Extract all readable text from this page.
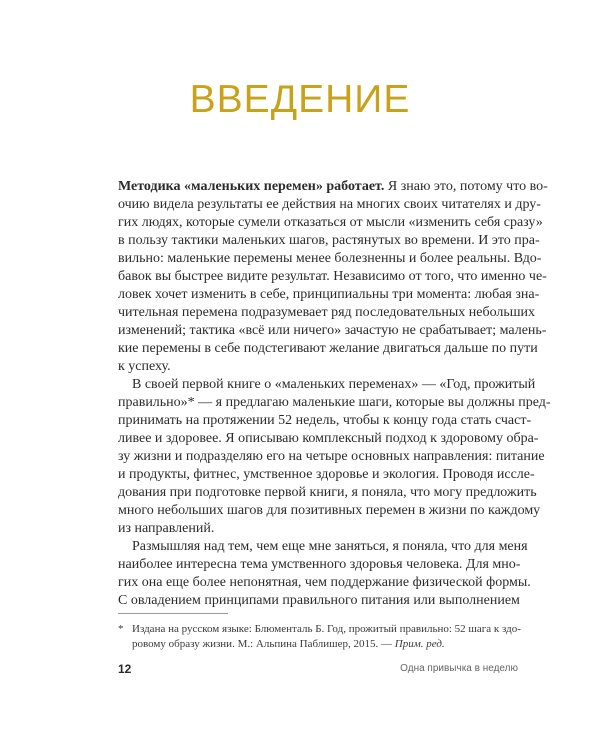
ВВЕДЕНИЕ
Методика «маленьких перемен» работает. Я знаю это, потому что во-
очию видела результаты ее действия на многих своих читателях и дру-
гих людях, которые сумели отказаться от мысли «изменить себя сразу»
в пользу тактики маленьких шагов, растянутых во времени. И это пра-
вильно: маленькие перемены менее болезненны и более реальны. Вдо-
бавок вы быстрее видите результат. Независимо от того, что именно че-
ловек хочет изменить в себе, принципиальны три момента: любая зна-
чительная перемена подразумевает ряд последовательных небольших
изменений; тактика «всё или ничего» зачастую не срабатывает; малень-
кие перемены в себе подстегивают желание двигаться дальше по пути
к успеху.
В своей первой книге о «маленьких переменах» — «Год, прожитый
правильно»* — я предлагаю маленькие шаги, которые вы должны пред-
принимать на протяжении 52 недель, чтобы к концу года стать счаст-
ливее и здоровее. Я описываю комплексный подход к здоровому обра-
зу жизни и подразделяю его на четыре основных направления: питание
и продукты, фитнес, умственное здоровье и экология. Проводя иссле-
дования при подготовке первой книги, я поняла, что могу предложить
много небольших шагов для позитивных перемен в жизни по каждому
из направлений.
Размышляя над тем, чем еще мне заняться, я поняла, что для меня
наиболее интересна тема умственного здоровья человека. Для мно-
гих она еще более непонятная, чем поддержание физической формы.
С овладением принципами правильного питания или выполнением
* Издана на русском языке: Блюменталь Б. Год, прожитый правильно: 52 шага к здо-
ровому образу жизни. М.: Альпина Паблишер, 2015. — Прим. ред.
12	Одна привычка в неделю
